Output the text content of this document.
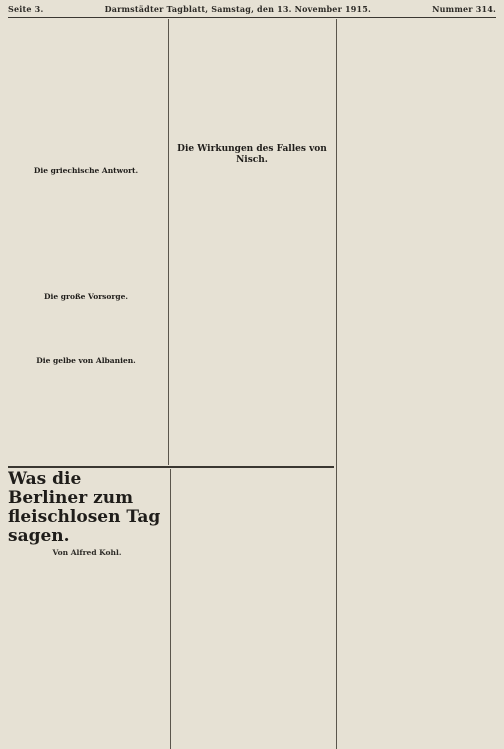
Seite 3.	Darmstädter Tagblatt, Samstag, den 13. November 1915.	Nummer 314.

Die griechische Antwort.

Die große Vorsorge.

Die gelbe von Albanien.

Die Wirkungen des Falles von Nisch.

Was die Berliner zum fleischlosen Tag sagen.

Von Alfred Kohl.
